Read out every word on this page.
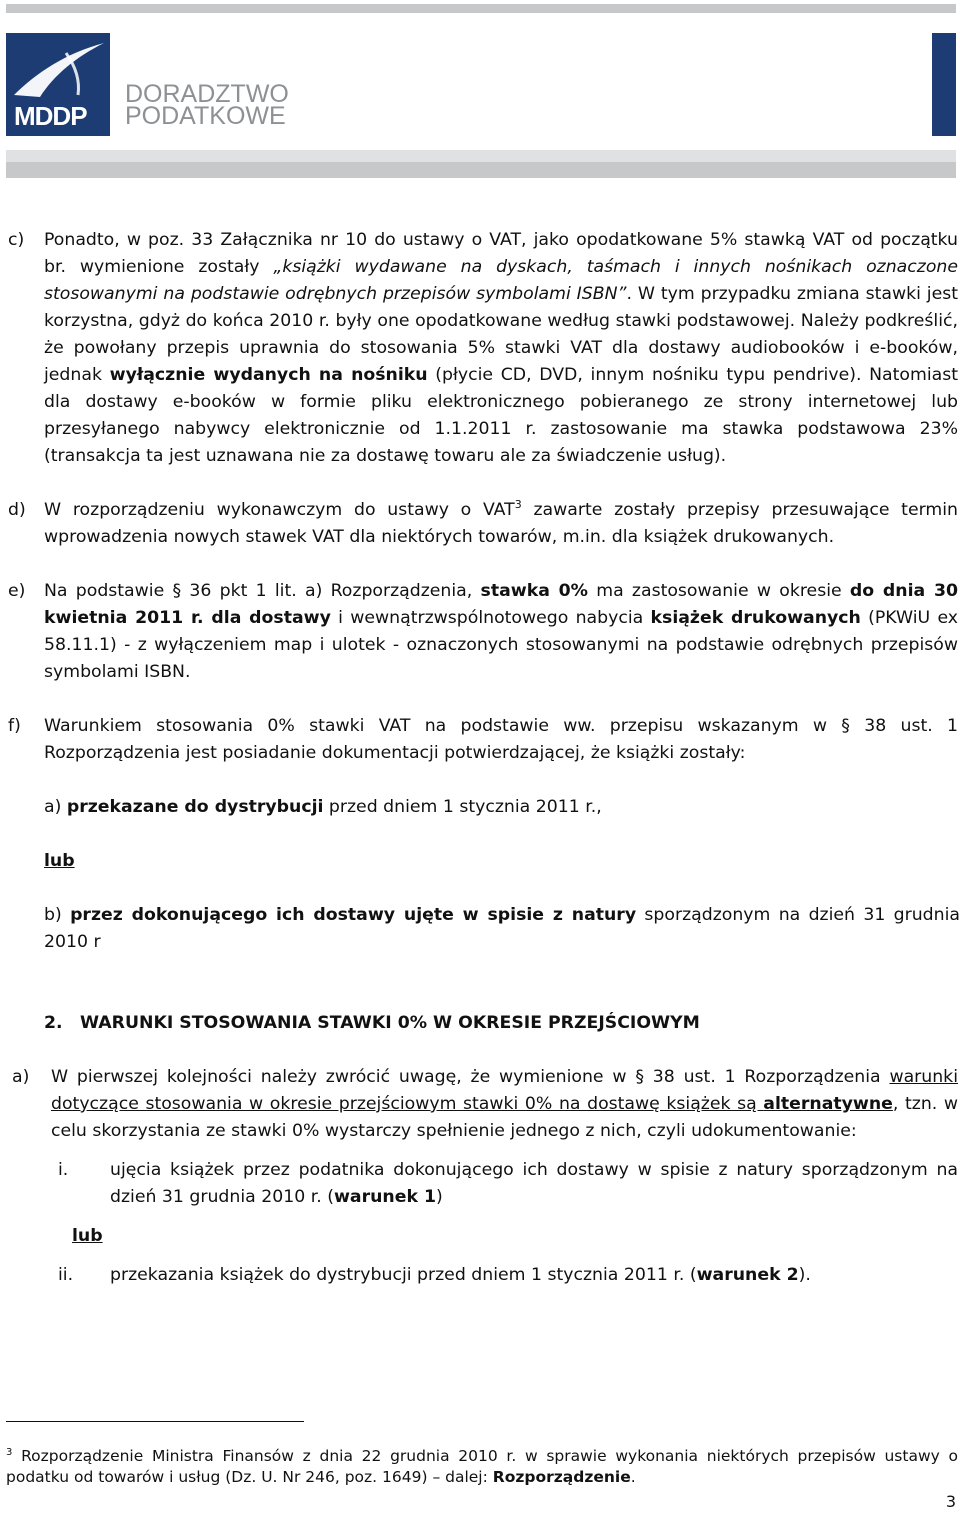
MDDP
DORADZTWO
PODATKOWE
c) Ponadto, w poz. 33 Załącznika nr 10 do ustawy o VAT, jako opodatkowane 5% stawką VAT od początku br. wymienione zostały „książki wydawane na dyskach, taśmach i innych nośnikach oznaczone stosowanymi na podstawie odrębnych przepisów symbolami ISBN”. W tym przypadku zmiana stawki jest korzystna, gdyż do końca 2010 r. były one opodatkowane według stawki podstawowej. Należy podkreślić, że powołany przepis uprawnia do stosowania 5% stawki VAT dla dostawy audiobooków i e-booków, jednak wyłącznie wydanych na nośniku (płycie CD, DVD, innym nośniku typu pendrive). Natomiast dla dostawy e-booków w formie pliku elektronicznego pobieranego ze strony internetowej lub przesyłanego nabywcy elektronicznie od 1.1.2011 r. zastosowanie ma stawka podstawowa 23% (transakcja ta jest uznawana nie za dostawę towaru ale za świadczenie usług).
d) W rozporządzeniu wykonawczym do ustawy o VAT$^3$ zawarte zostały przepisy przesuwające termin wprowadzenia nowych stawek VAT dla niektórych towarów, m.in. dla książek drukowanych.
e) Na podstawie § 36 pkt 1 lit. a) Rozporządzenia, stawka 0% ma zastosowanie w okresie do dnia 30 kwietnia 2011 r. dla dostawy i wewnątrzwspólnotowego nabycia książek drukowanych (PKWiU ex 58.11.1) - z wyłączeniem map i ulotek - oznaczonych stosowanymi na podstawie odrębnych przepisów symbolami ISBN.
f) Warunkiem stosowania 0% stawki VAT na podstawie ww. przepisu wskazanym w § 38 ust. 1 Rozporządzenia jest posiadanie dokumentacji potwierdzającej, że książki zostały:
a) przekazane do dystrybucji przed dniem 1 stycznia 2011 r.,
lub
b) przez dokonującego ich dostawy ujęte w spisie z natury sporządzonym na dzień 31 grudnia 2010 r
2. WARUNKI STOSOWANIA STAWKI 0% W OKRESIE PRZEJŚCIOWYM
a) W pierwszej kolejności należy zwrócić uwagę, że wymienione w § 38 ust. 1 Rozporządzenia warunki dotyczące stosowania w okresie przejściowym stawki 0% na dostawę książek są alternatywne, tzn. w celu skorzystania ze stawki 0% wystarczy spełnienie jednego z nich, czyli udokumentowanie:
i. ujęcia książek przez podatnika dokonującego ich dostawy w spisie z natury sporządzonym na dzień 31 grudnia 2010 r. (warunek 1)
lub
ii. przekazania książek do dystrybucji przed dniem 1 stycznia 2011 r. (warunek 2).
$^3$ Rozporządzenie Ministra Finansów z dnia 22 grudnia 2010 r. w sprawie wykonania niektórych przepisów ustawy o podatku od towarów i usług (Dz. U. Nr 246, poz. 1649) – dalej: Rozporządzenie.
3
